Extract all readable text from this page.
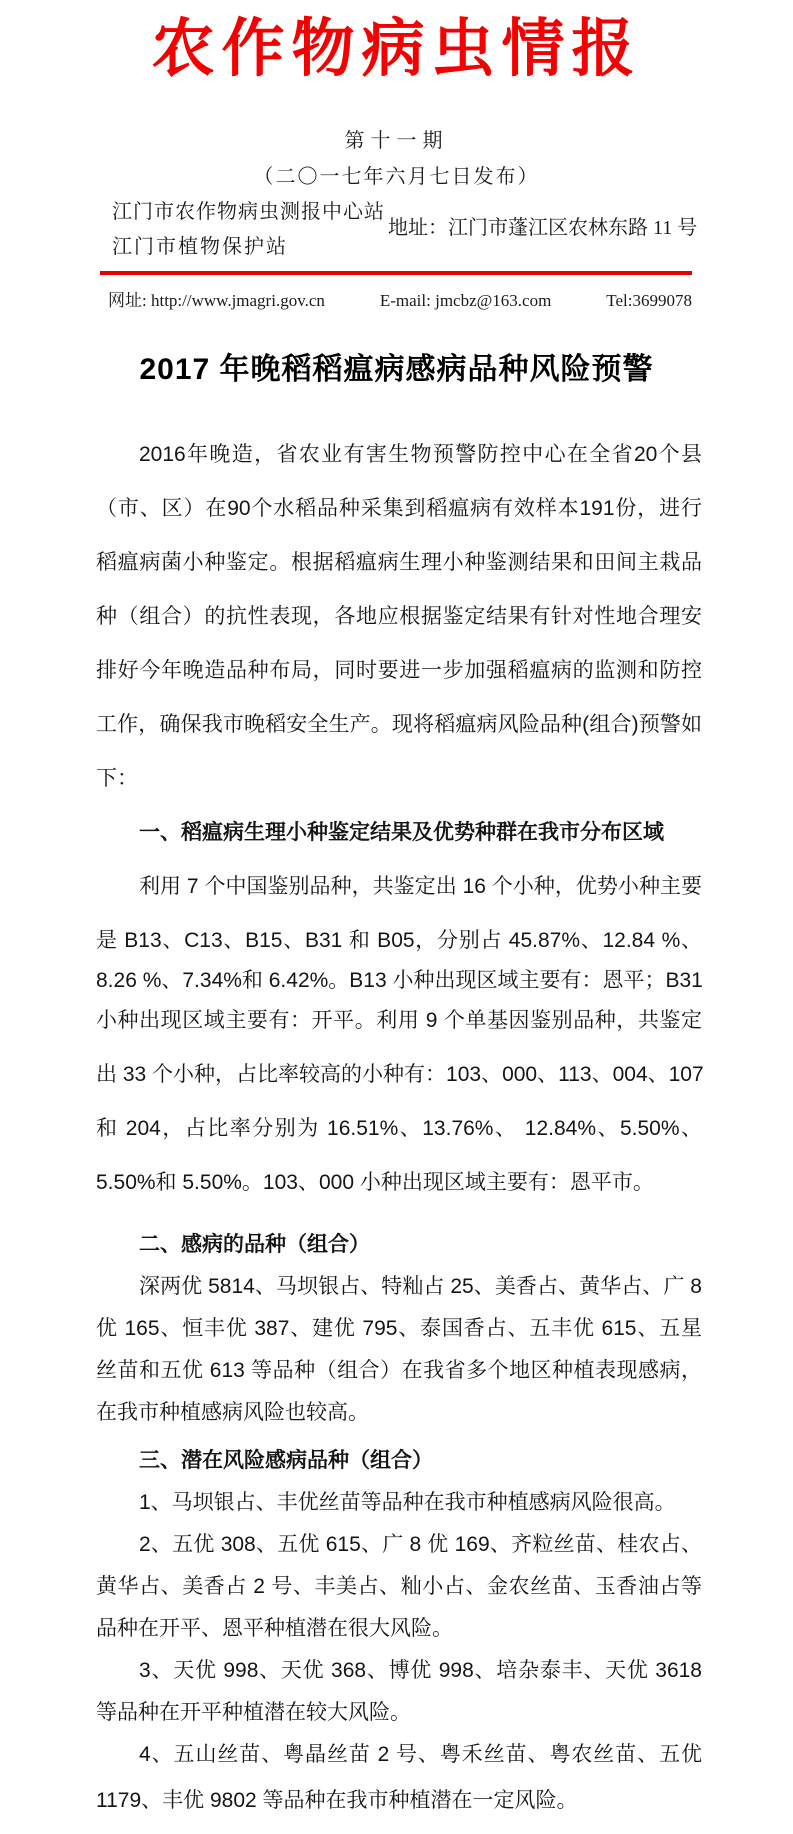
农作物病虫情报
第十一期
（二〇一七年六月七日发布）
江门市农作物病虫测报中心站
地址：江门市蓬江区农林东路 11 号
江门市植物保护站
网址: http://www.jmagri.gov.cn	E-mail: jmcbz@163.com	Tel:3699078
2017 年晚稻稻瘟病感病品种风险预警
2016年晚造，省农业有害生物预警防控中心在全省20个县
（市、区）在90个水稻品种采集到稻瘟病有效样本191份，进行
稻瘟病菌小种鉴定。根据稻瘟病生理小种鉴测结果和田间主栽品
种（组合）的抗性表现，各地应根据鉴定结果有针对性地合理安
排好今年晚造品种布局，同时要进一步加强稻瘟病的监测和防控
工作，确保我市晚稻安全生产。现将稻瘟病风险品种(组合)预警如
下：
一、稻瘟病生理小种鉴定结果及优势种群在我市分布区域
利用 7 个中国鉴别品种，共鉴定出 16 个小种，优势小种主要
是 B13、C13、B15、B31 和 B05，分别占 45.87%、12.84 %、
8.26 %、7.34%和 6.42%。B13 小种出现区域主要有：恩平；B31
小种出现区域主要有：开平。利用 9 个单基因鉴别品种，共鉴定
出 33 个小种，占比率较高的小种有：103、000、113、004、107
和 204，占比率分别为 16.51%、13.76%、 12.84%、5.50%、
5.50%和 5.50%。103、000 小种出现区域主要有：恩平市。
二、感病的品种（组合）
深两优 5814、马坝银占、特籼占 25、美香占、黄华占、广 8
优 165、恒丰优 387、建优 795、泰国香占、五丰优 615、五星
丝苗和五优 613 等品种（组合）在我省多个地区种植表现感病，
在我市种植感病风险也较高。
三、潜在风险感病品种（组合）
1、马坝银占、丰优丝苗等品种在我市种植感病风险很高。
2、五优 308、五优 615、广 8 优 169、齐粒丝苗、桂农占、
黄华占、美香占 2 号、丰美占、籼小占、金农丝苗、玉香油占等
品种在开平、恩平种植潜在很大风险。
3、天优 998、天优 368、博优 998、培杂泰丰、天优 3618
等品种在开平种植潜在较大风险。
4、五山丝苗、粤晶丝苗 2 号、粤禾丝苗、粤农丝苗、五优
1179、丰优 9802 等品种在我市种植潜在一定风险。
